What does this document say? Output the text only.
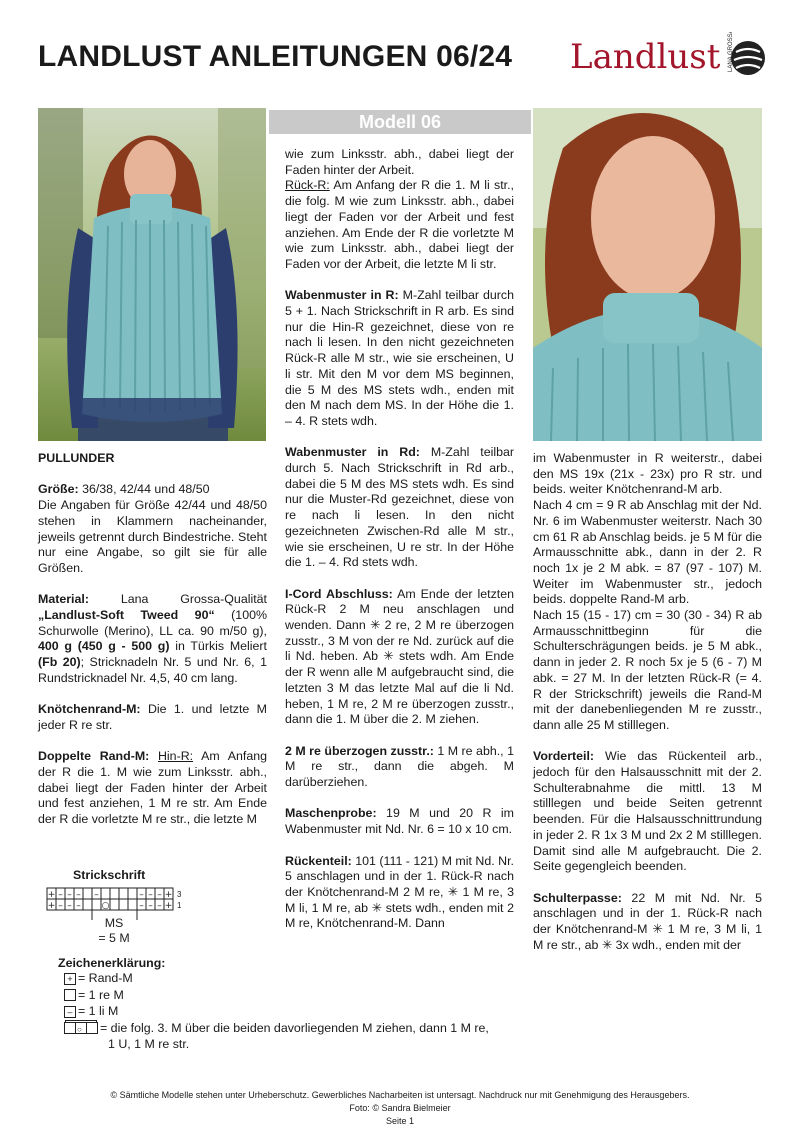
LANDLUST ANLEITUNGEN 06/24 Landlust LANA GROSSA
Modell 06

PULLUNDER

Größe: 36/38, 42/44 und 48/50
Die Angaben für Größe 42/44 und 48/50 stehen in Klammern nacheinander, jeweils getrennt durch Bindestriche. Steht nur eine Angabe, so gilt sie für alle Größen.

Material: Lana Grossa-Qualität „Landlust-Soft Tweed 90“ (100% Schurwolle (Merino), LL ca. 90 m/50 g), 400 g (450 g - 500 g) in Türkis Meliert (Fb 20); Stricknadeln Nr. 5 und Nr. 6, 1 Rundstricknadel Nr. 4,5, 40 cm lang.

Knötchenrand-M: Die 1. und letzte M jeder R re str.

Doppelte Rand-M: Hin-R: Am Anfang der R die 1. M wie zum Linksstr. abh., dabei liegt der Faden hinter der Arbeit und fest anziehen, 1 M re str. Am Ende der R die vorletzte M re str., die letzte M

wie zum Linksstr. abh., dabei liegt der Faden hinter der Arbeit.
Rück-R: Am Anfang der R die 1. M li str., die folg. M wie zum Linksstr. abh., dabei liegt der Faden vor der Arbeit und fest anziehen. Am Ende der R die vorletzte M wie zum Linksstr. abh., dabei liegt der Faden vor der Arbeit, die letzte M li str.

Wabenmuster in R: M-Zahl teilbar durch 5 + 1. Nach Strickschrift in R arb. Es sind nur die Hin-R gezeichnet, diese von re nach li lesen. In den nicht gezeichneten Rück-R alle M str., wie sie erscheinen, U li str. Mit den M vor dem MS beginnen, die 5 M des MS stets wdh., enden mit den M nach dem MS. In der Höhe die 1. – 4. R stets wdh.

Wabenmuster in Rd: M-Zahl teilbar durch 5. Nach Strickschrift in Rd arb., dabei die 5 M des MS stets wdh. Es sind nur die Muster-Rd gezeichnet, diese von re nach li lesen. In den nicht gezeichneten Zwischen-Rd alle M str., wie sie erscheinen, U re str. In der Höhe die 1. – 4. Rd stets wdh.

I-Cord Abschluss: Am Ende der letzten Rück-R 2 M neu anschlagen und wenden. Dann ✳ 2 re, 2 M re überzogen zusstr., 3 M von der re Nd. zurück auf die li Nd. heben. Ab ✳ stets wdh. Am Ende der R wenn alle M aufgebraucht sind, die letzten 3 M das letzte Mal auf die li Nd. heben, 1 M re, 2 M re überzogen zusstr., dann die 1. M über die 2. M ziehen.

2 M re überzogen zusstr.: 1 M re abh., 1 M re str., dann die abgeh. M darüberziehen.

Maschenprobe: 19 M und 20 R im Wabenmuster mit Nd. Nr. 6 = 10 x 10 cm.

Rückenteil: 101 (111 - 121) M mit Nd. Nr. 5 anschlagen und in der 1. Rück-R nach der Knötchenrand-M 2 M re, ✳ 1 M re, 3 M li, 1 M re, ab ✳ stets wdh., enden mit 2 M re, Knötchenrand-M. Dann

im Wabenmuster in R weiterstr., dabei den MS 19x (21x - 23x) pro R str. und beids. weiter Knötchenrand-M arb.
Nach 4 cm = 9 R ab Anschlag mit der Nd. Nr. 6 im Wabenmuster weiterstr. Nach 30 cm 61 R ab Anschlag beids. je 5 M für die Armausschnitte abk., dann in der 2. R noch 1x je 2 M abk. = 87 (97 - 107) M. Weiter im Wabenmuster str., jedoch beids. doppelte Rand-M arb.
Nach 15 (15 - 17) cm = 30 (30 - 34) R ab Armausschnittbeginn für die Schulterschrägungen beids. je 5 M abk., dann in jeder 2. R noch 5x je 5 (6 - 7) M abk. = 27 M. In der letzten Rück-R (= 4. R der Strickschrift) jeweils die Rand-M mit der danebenliegenden M re zusstr., dann alle 25 M stilllegen.

Vorderteil: Wie das Rückenteil arb., jedoch für den Halsausschnitt mit der 2. Schulterabnahme die mittl. 13 M stilllegen und beide Seiten getrennt beenden. Für die Halsausschnittrundung in jeder 2. R 1x 3 M und 2x 2 M stilllegen. Damit sind alle M aufgebraucht. Die 2. Seite gegengleich beenden.

Schulterpasse: 22 M mit Nd. Nr. 5 anschlagen und in der 1. Rück-R nach der Knötchenrand-M ✳ 1 M re, 3 M li, 1 M re str., ab ✳ 3x wdh., enden mit der

Strickschrift
+ – – – –	– – – +
+ – – – ○	– – – +
3
1
MS
= 5 M
Zeichenerklärung:
+ = Rand-M
= 1 re M
– = 1 li M
○ = die folg. 3. M über die beiden davorliegenden M ziehen, dann 1 M re,
1 U, 1 M re str.
© Sämtliche Modelle stehen unter Urheberschutz. Gewerbliches Nacharbeiten ist untersagt. Nachdruck nur mit Genehmigung des Herausgebers.
Foto: © Sandra Bielmeier
Seite 1
